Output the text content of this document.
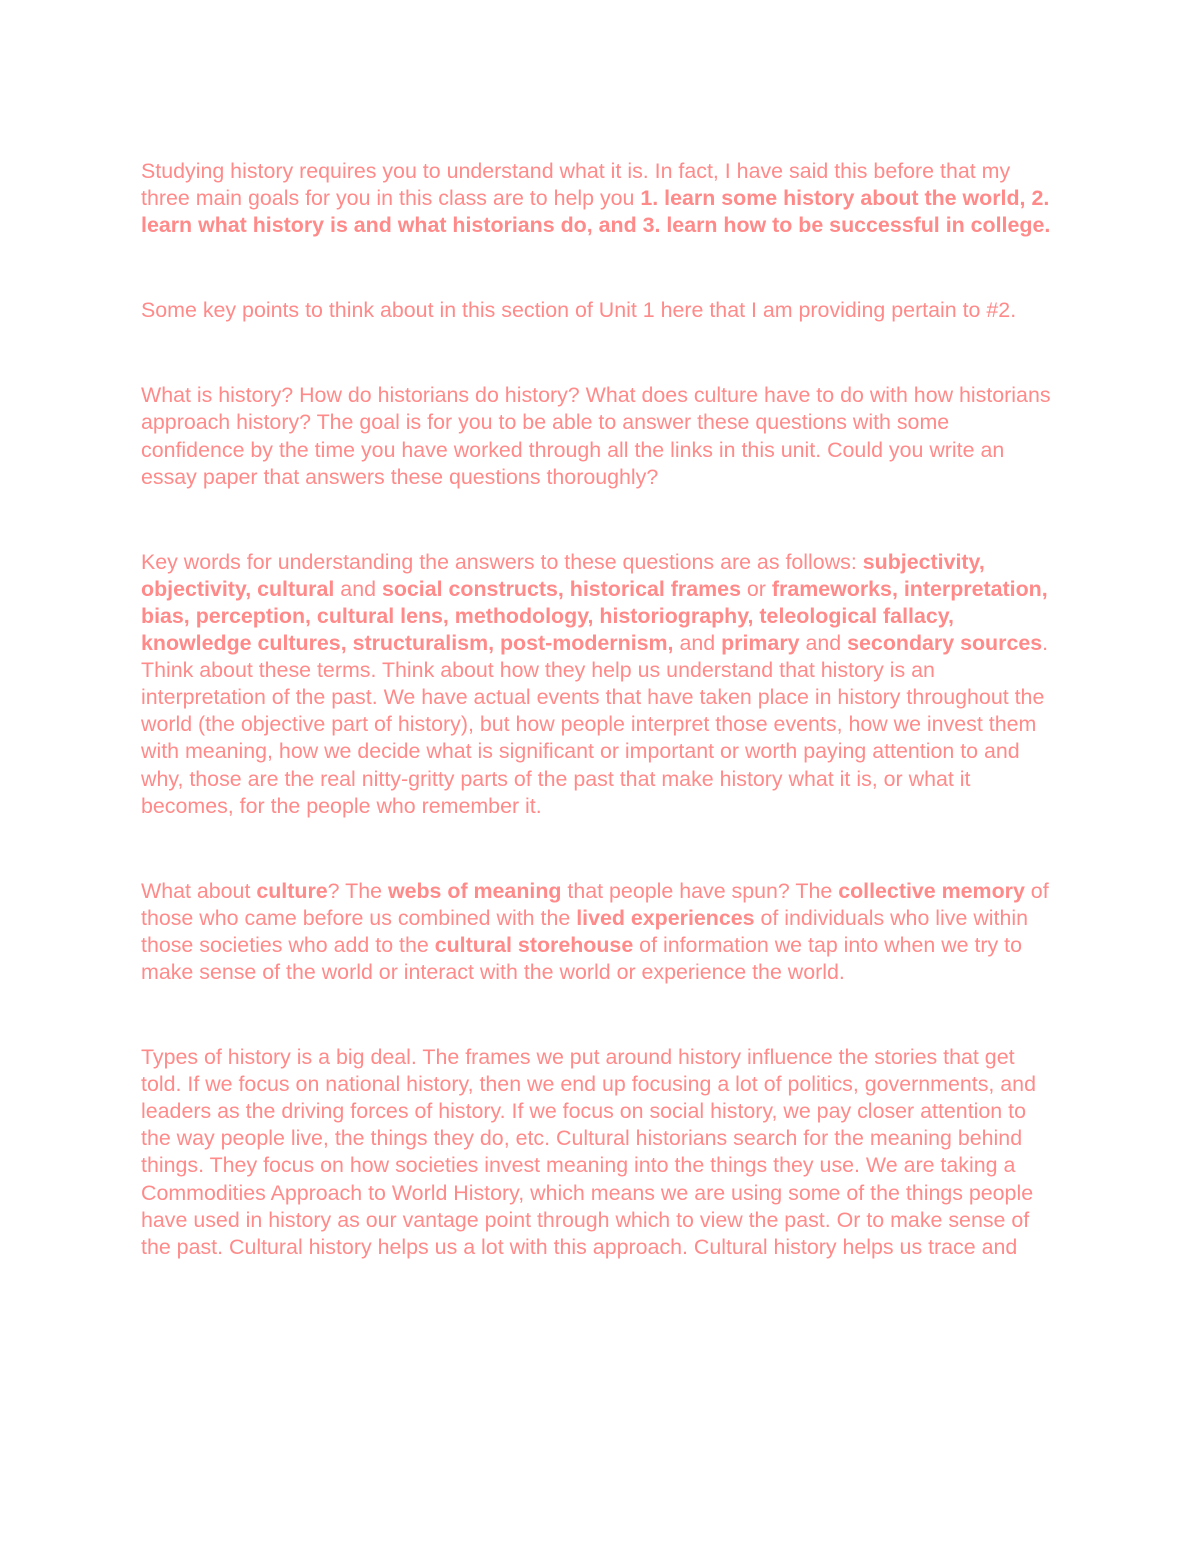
Studying history requires you to understand what it is. In fact, I have said this before that my three main goals for you in this class are to help you 1. learn some history about the world, 2. learn what history is and what historians do, and 3. learn how to be successful in college.

Some key points to think about in this section of Unit 1 here that I am providing pertain to #2.

What is history? How do historians do history? What does culture have to do with how historians approach history? The goal is for you to be able to answer these questions with some confidence by the time you have worked through all the links in this unit. Could you write an essay paper that answers these questions thoroughly?

Key words for understanding the answers to these questions are as follows: subjectivity, objectivity, cultural and social constructs, historical frames or frameworks, interpretation, bias, perception, cultural lens, methodology, historiography, teleological fallacy, knowledge cultures, structuralism, post-modernism, and primary and secondary sources. Think about these terms. Think about how they help us understand that history is an interpretation of the past. We have actual events that have taken place in history throughout the world (the objective part of history), but how people interpret those events, how we invest them with meaning, how we decide what is significant or important or worth paying attention to and why, those are the real nitty-gritty parts of the past that make history what it is, or what it becomes, for the people who remember it.

What about culture? The webs of meaning that people have spun? The collective memory of those who came before us combined with the lived experiences of individuals who live within those societies who add to the cultural storehouse of information we tap into when we try to make sense of the world or interact with the world or experience the world.

Types of history is a big deal. The frames we put around history influence the stories that get told. If we focus on national history, then we end up focusing a lot of politics, governments, and leaders as the driving forces of history. If we focus on social history, we pay closer attention to the way people live, the things they do, etc. Cultural historians search for the meaning behind things. They focus on how societies invest meaning into the things they use. We are taking a Commodities Approach to World History, which means we are using some of the things people have used in history as our vantage point through which to view the past. Or to make sense of the past. Cultural history helps us a lot with this approach. Cultural history helps us trace and
